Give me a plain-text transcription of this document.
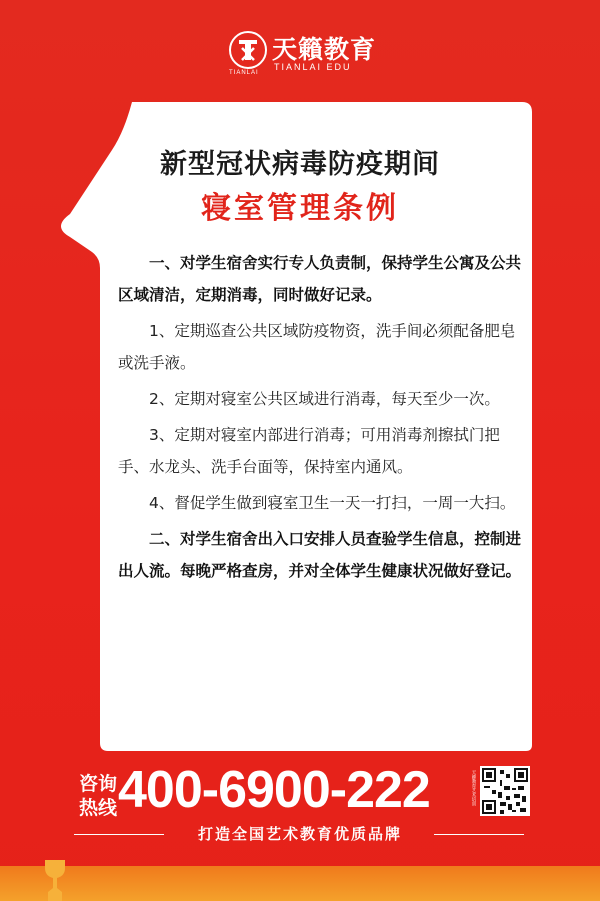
天籟教育
TIANLAI EDU
TIANLAI
新型冠状病毒防疫期间
寝室管理条例

一、对学生宿舍实行专人负责制，保持学生公寓及公共区域清洁，定期消毒，同时做好记录。

1、定期巡查公共区域防疫物资，洗手间必须配备肥皂或洗手液。

2、定期对寝室公共区域进行消毒，每天至少一次。

3、定期对寝室内部进行消毒；可用消毒剂擦拭门把手、水龙头、洗手台面等，保持室内通风。

4、督促学生做到寝室卫生一天一打扫，一周一大扫。

二、对学生宿舍出入口安排人员查验学生信息，控制进出人流。每晚严格查房，并对全体学生健康状况做好登记。

咨询
热线 400-6900-222	天籁教育艺术培训
打造全国艺术教育优质品牌
